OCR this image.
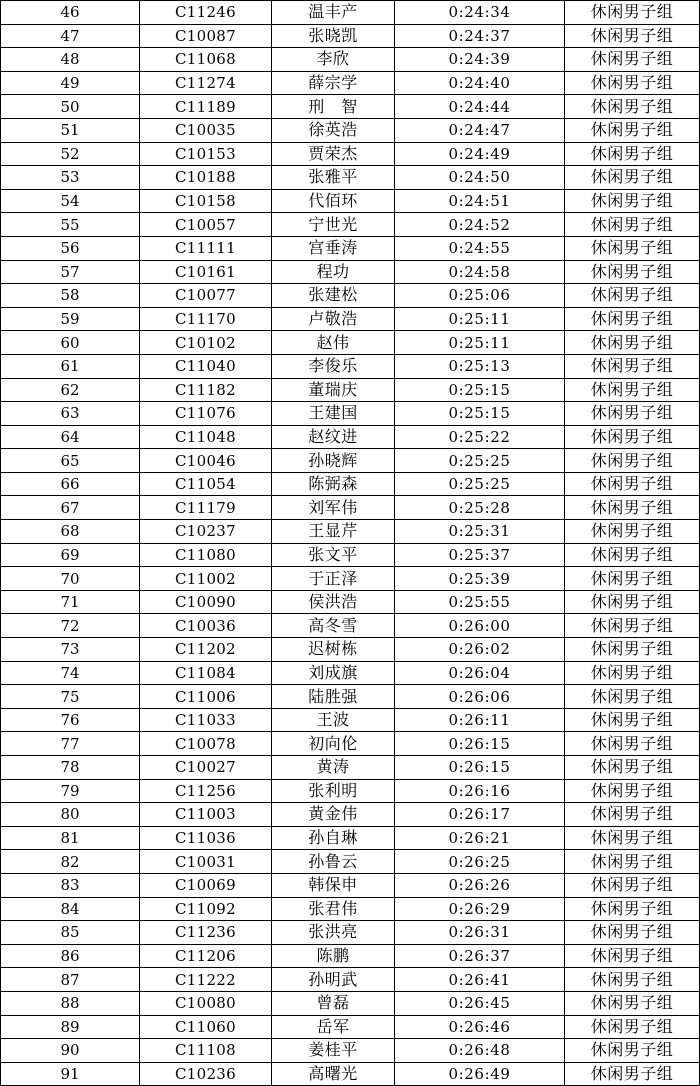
46	C11246	温丰产	0:24:34	休闲男子组
47	C10087	张晓凯	0:24:37	休闲男子组
48	C11068	李欣	0:24:39	休闲男子组
49	C11274	薛宗学	0:24:40	休闲男子组
50	C11189	刑　智	0:24:44	休闲男子组
51	C10035	徐英浩	0:24:47	休闲男子组
52	C10153	贾荣杰	0:24:49	休闲男子组
53	C10188	张雅平	0:24:50	休闲男子组
54	C10158	代佰环	0:24:51	休闲男子组
55	C10057	宁世光	0:24:52	休闲男子组
56	C11111	宫垂涛	0:24:55	休闲男子组
57	C10161	程功	0:24:58	休闲男子组
58	C10077	张建松	0:25:06	休闲男子组
59	C11170	卢敬浩	0:25:11	休闲男子组
60	C10102	赵伟	0:25:11	休闲男子组
61	C11040	李俊乐	0:25:13	休闲男子组
62	C11182	董瑞庆	0:25:15	休闲男子组
63	C11076	王建国	0:25:15	休闲男子组
64	C11048	赵纹进	0:25:22	休闲男子组
65	C10046	孙晓辉	0:25:25	休闲男子组
66	C11054	陈弼森	0:25:25	休闲男子组
67	C11179	刘军伟	0:25:28	休闲男子组
68	C10237	王显芹	0:25:31	休闲男子组
69	C11080	张文平	0:25:37	休闲男子组
70	C11002	于正泽	0:25:39	休闲男子组
71	C10090	侯洪浩	0:25:55	休闲男子组
72	C10036	高冬雪	0:26:00	休闲男子组
73	C11202	迟树栋	0:26:02	休闲男子组
74	C11084	刘成旗	0:26:04	休闲男子组
75	C11006	陆胜强	0:26:06	休闲男子组
76	C11033	王波	0:26:11	休闲男子组
77	C10078	初向伦	0:26:15	休闲男子组
78	C10027	黄涛	0:26:15	休闲男子组
79	C11256	张利明	0:26:16	休闲男子组
80	C11003	黄金伟	0:26:17	休闲男子组
81	C11036	孙自琳	0:26:21	休闲男子组
82	C10031	孙鲁云	0:26:25	休闲男子组
83	C10069	韩保申	0:26:26	休闲男子组
84	C11092	张君伟	0:26:29	休闲男子组
85	C11236	张洪亮	0:26:31	休闲男子组
86	C11206	陈鹏	0:26:37	休闲男子组
87	C11222	孙明武	0:26:41	休闲男子组
88	C10080	曾磊	0:26:45	休闲男子组
89	C11060	岳军	0:26:46	休闲男子组
90	C11108	姜桂平	0:26:48	休闲男子组
91	C10236	高曙光	0:26:49	休闲男子组
